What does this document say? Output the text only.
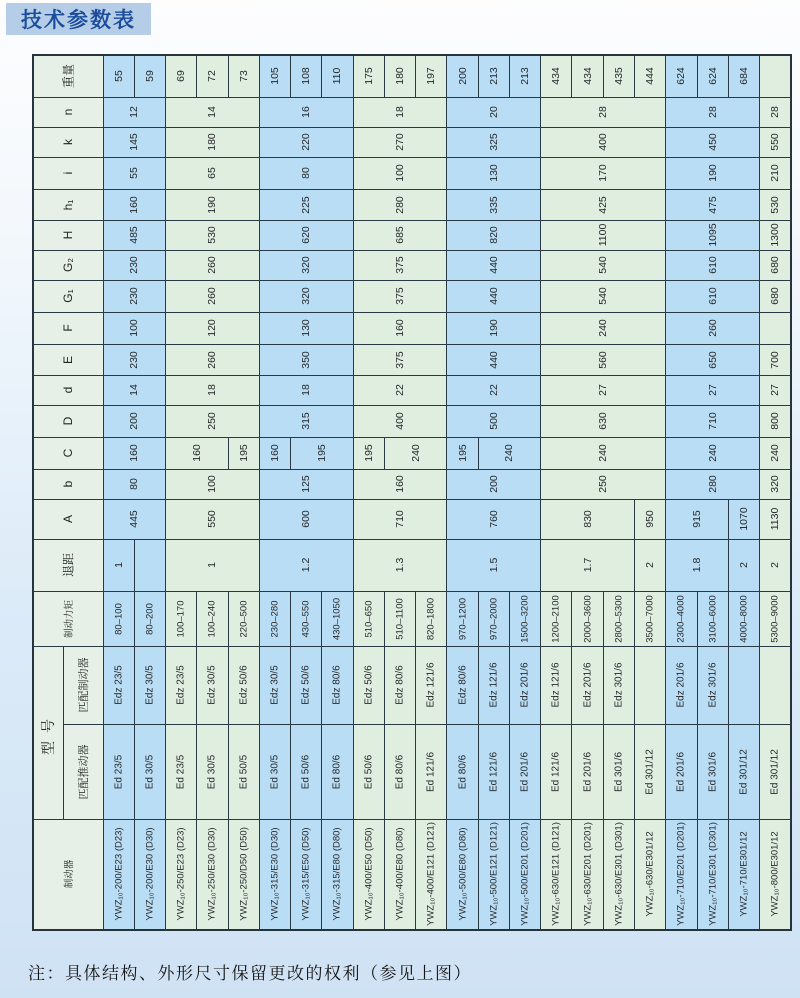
技术参数表
重量		55	59	69	72	73	105	108	110	175	180	197	200	213	213	434	434	435	444	624	624	684	

n		12		14			16			18			20			28				28			28

k		145		180			220			270			325			400				450			550

i		55		65			80			100			130			170				190			210

h₁		160		190			225			280			335			425				475			530

H		485		530			620			685			820			1100				1095			1300

G₂		230		260			320			375			440			540				610			680

G₁		230		260			320			375			440			540				610			680

F		100		120			130			160			190			240				260			

E		230		260			350			375			440			560				650			700

d		14		18			18			22			22			27				27			27

D		200		250			315			400			500			630				710			800

C		160		160		195	160	195		195	240		195	240		240				240			240

b		80		100			125			160			200			250				280			320

A		445		550			600			710			760			830			950	915		1070	1130

退距		1		1			1.2			1.3			1.5			1.7			2	1.8		2	2

制动力矩		80–100	80–200	100–170	100–240	220–500	230–280	430–550	430–1050	510–650	510–1100	820–1800	970–1200	970–2000	1500–3200	1200–2100	2000–3600	2800–5300	3500–7000	2300–4000	3100–6000	4000–8000	5300–9000

型号	匹配制动器	Edᴢ 23/5	Edᴢ 30/5	Edᴢ 23/5	Edᴢ 30/5	Edᴢ 50/6	Edᴢ 30/5	Edᴢ 50/6	Edᴢ 80/6	Edᴢ 50/6	Edᴢ 80/6	Edᴢ 121/6	Edᴢ 80/6	Edᴢ 121/6	Edᴢ 201/6	Edᴢ 121/6	Edᴢ 201/6	Edᴢ 301/6		Edᴢ 201/6	Edᴢ 301/6		

	匹配推动器	Ed 23/5	Ed 30/5	Ed 23/5	Ed 30/5	Ed 50/5	Ed 30/5	Ed 50/6	Ed 80/6	Ed 50/6	Ed 80/6	Ed 121/6	Ed 80/6	Ed 121/6	Ed 201/6	Ed 121/6	Ed 201/6	Ed 301/6	Ed 301/12	Ed 201/6	Ed 301/6	Ed 301/12	Ed 301/12

制动器		YWZ₁₀-200/E23 (D23)	YWZ₁₀-200/E30 (D30)	YWZ₁₀-250/E23 (D23)	YWZ₁₀-250/E30 (D30)	YWZ₁₀-250/D50 (D50)	YWZ₁₀-315/E30 (D30)	YWZ₁₀-315/E50 (D50)	YWZ₁₀-315/E80 (D80)	YWZ₁₀-400/E50 (D50)	YWZ₁₀-400/E80 (D80)	YWZ₁₀-400/E121 (D121)	YWZ₁₀-500/E80 (D80)	YWZ₁₀-500/E121 (D121)	YWZ₁₀-500/E201 (D201)	YWZ₁₀-630/E121 (D121)	YWZ₁₀-630/E201 (D201)	YWZ₁₀-630/E301 (D301)	YWZ₁₀-630/E301/12	YWZ₁₀-710/E201 (D201)	YWZ₁₀-710/E301 (D301)	YWZ₁₀-710/E301/12	YWZ₁₀-800/E301/12
注：具体结构、外形尺寸保留更改的权利（参见上图）
